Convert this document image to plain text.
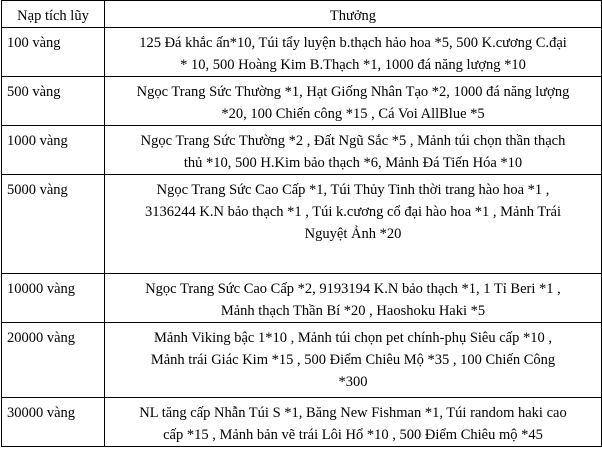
Nạp tích lũy	Thưởng
100 vàng	125 Đá khắc ấn*10, Túi tẩy luyện b.thạch hảo hoa *5, 500 K.cương C.đại
* 10, 500 Hoàng Kim B.Thạch *1, 1000 đá năng lượng *10

500 vàng	Ngọc Trang Sức Thường *1, Hạt Giống Nhân Tạo *2, 1000 đá năng lượng
*20, 100 Chiến công *15 , Cá Voi AllBlue *5

1000 vàng	Ngọc Trang Sức Thường *2 , Đất Ngũ Sắc *5 , Mảnh túi chọn thần thạch
thủ *10, 500 H.Kim bảo thạch *6, Mảnh Đá Tiến Hóa *10

5000 vàng	Ngọc Trang Sức Cao Cấp *1, Túi Thủy Tinh thời trang hào hoa *1 ,
3136244 K.N bảo thạch *1 , Túi k.cương cổ đại hào hoa *1 , Mảnh Trái
Nguyệt Ảnh *20

10000 vàng	Ngọc Trang Sức Cao Cấp *2, 9193194 K.N bảo thạch *1, 1 Tỉ Beri *1 ,
Mảnh thạch Thần Bí *20 , Haoshoku Haki *5

20000 vàng	Mảnh Viking bậc 1*10 , Mảnh túi chọn pet chính-phụ Siêu cấp *10 ,
Mảnh trái Giác Kim *15 , 500 Điểm Chiêu Mộ *35 , 100 Chiến Công
*300

30000 vàng	NL tăng cấp Nhẫn Túi S *1, Băng New Fishman *1, Túi random haki cao
cấp *15 , Mảnh bản vẽ trái Lôi Hổ *10 , 500 Điểm Chiêu mộ *45
